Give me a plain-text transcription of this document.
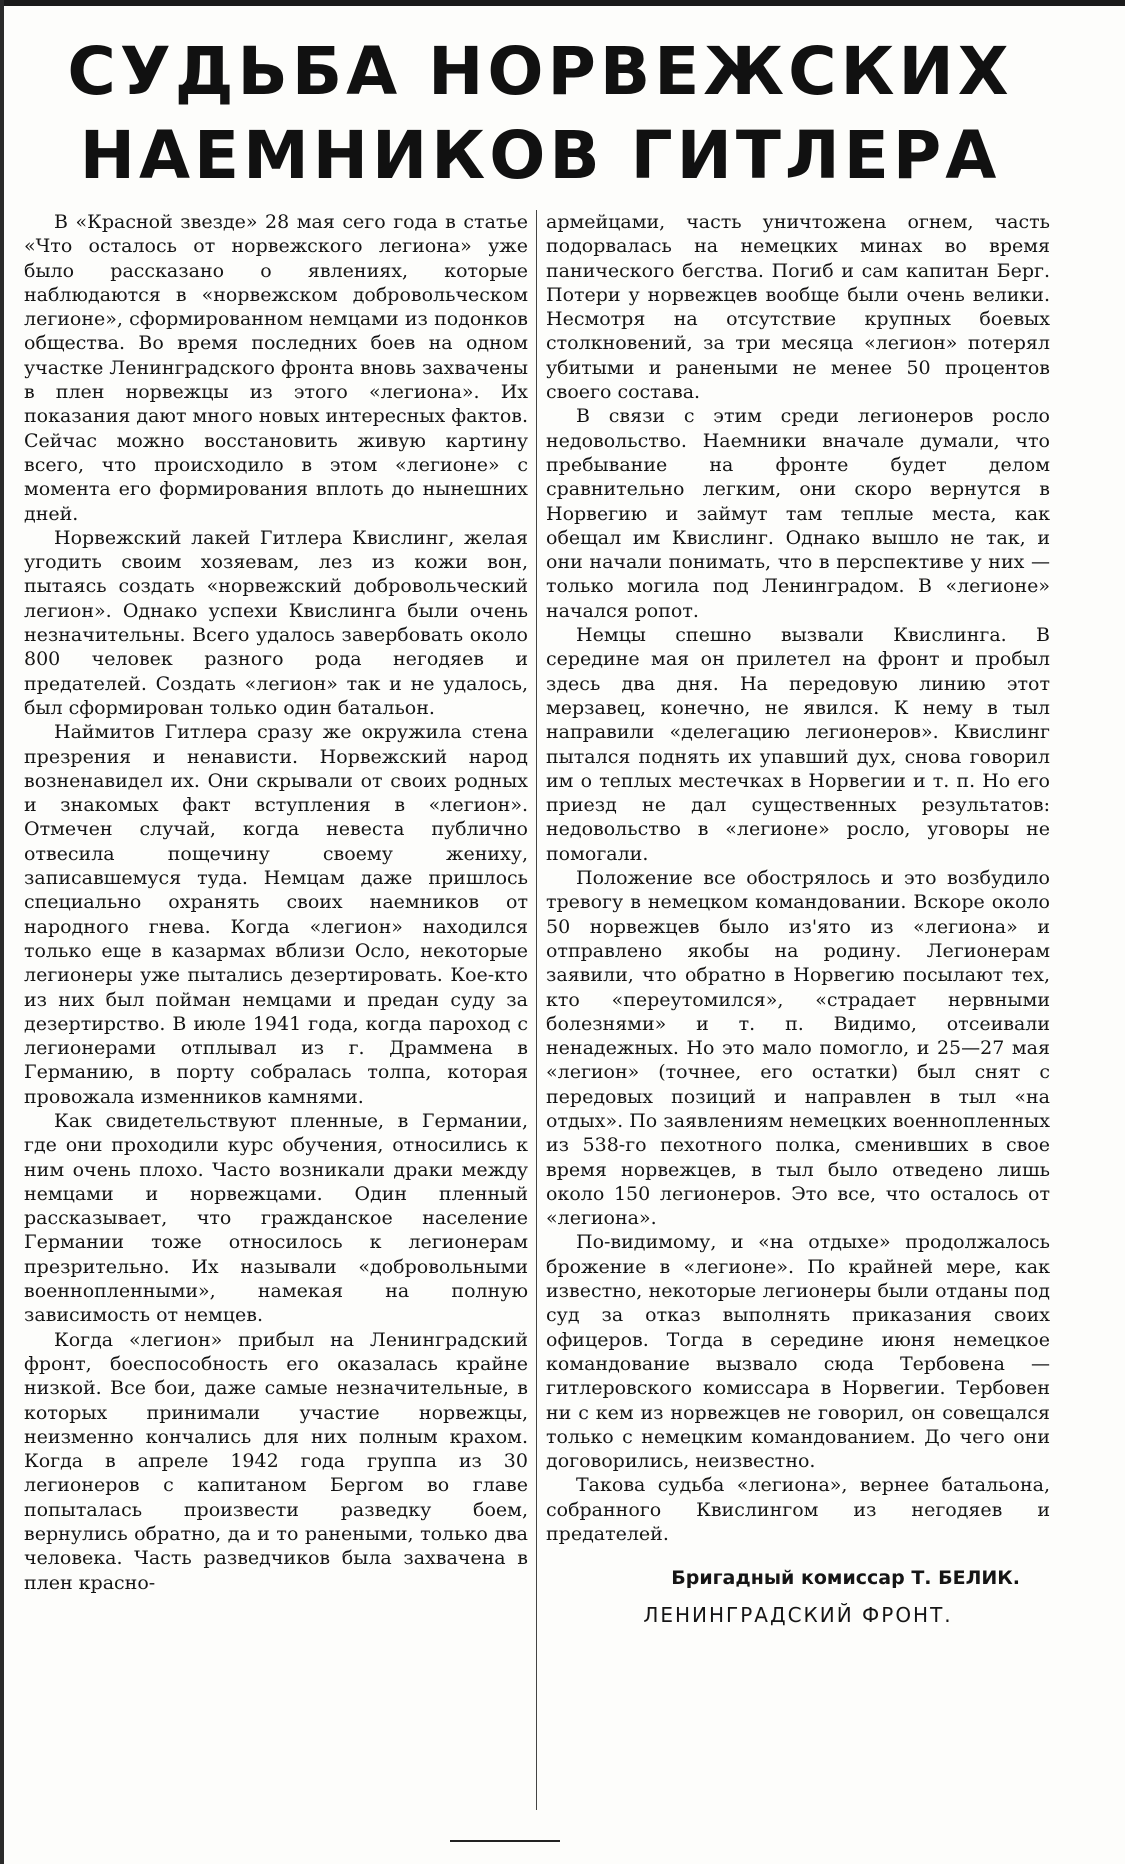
СУДЬБА НОРВЕЖСКИХ НАЕМНИКОВ ГИТЛЕРА

В «Красной звезде» 28 мая сего года в статье «Что осталось от норвежского легиона» уже было рассказано о явлениях, которые наблюдаются в «норвежском добровольческом легионе», сформированном немцами из подонков общества. Во время последних боев на одном участке Ленинградского фронта вновь захвачены в плен норвежцы из этого «легиона». Их показания дают много новых интересных фактов. Сейчас можно восстановить живую картину всего, что происходило в этом «легионе» с момента его формирования вплоть до нынешних дней.

Норвежский лакей Гитлера Квислинг, желая угодить своим хозяевам, лез из кожи вон, пытаясь создать «норвежский добровольческий легион». Однако успехи Квислинга были очень незначительны. Всего удалось завербовать около 800 человек разного рода негодяев и предателей. Создать «легион» так и не удалось, был сформирован только один батальон.

Наймитов Гитлера сразу же окружила стена презрения и ненависти. Норвежский народ возненавидел их. Они скрывали от своих родных и знакомых факт вступления в «легион». Отмечен случай, когда невеста публично отвесила пощечину своему жениху, записавшемуся туда. Немцам даже пришлось специально охранять своих наемников от народного гнева. Когда «легион» находился только еще в казармах вблизи Осло, некоторые легионеры уже пытались дезертировать. Кое-кто из них был пойман немцами и предан суду за дезертирство. В июле 1941 года, когда пароход с легионерами отплывал из г. Драммена в Германию, в порту собралась толпа, которая провожала изменников камнями.

Как свидетельствуют пленные, в Германии, где они проходили курс обучения, относились к ним очень плохо. Часто возникали драки между немцами и норвежцами. Один пленный рассказывает, что гражданское население Германии тоже относилось к легионерам презрительно. Их называли «добровольными военнопленными», намекая на полную зависимость от немцев.

Когда «легион» прибыл на Ленинградский фронт, боеспособность его оказалась крайне низкой. Все бои, даже самые незначительные, в которых принимали участие норвежцы, неизменно кончались для них полным крахом. Когда в апреле 1942 года группа из 30 легионеров с капитаном Бергом во главе попыталась произвести разведку боем, вернулись обратно, да и то ранеными, только два человека. Часть разведчиков была захвачена в плен красно-

армейцами, часть уничтожена огнем, часть подорвалась на немецких минах во время панического бегства. Погиб и сам капитан Берг. Потери у норвежцев вообще были очень велики. Несмотря на отсутствие крупных боевых столкновений, за три месяца «легион» потерял убитыми и ранеными не менее 50 процентов своего состава.

В связи с этим среди легионеров росло недовольство. Наемники вначале думали, что пребывание на фронте будет делом сравнительно легким, они скоро вернутся в Норвегию и займут там теплые места, как обещал им Квислинг. Однако вышло не так, и они начали понимать, что в перспективе у них — только могила под Ленинградом. В «легионе» начался ропот.

Немцы спешно вызвали Квислинга. В середине мая он прилетел на фронт и пробыл здесь два дня. На передовую линию этот мерзавец, конечно, не явился. К нему в тыл направили «делегацию легионеров». Квислинг пытался поднять их упавший дух, снова говорил им о теплых местечках в Норвегии и т. п. Но его приезд не дал существенных результатов: недовольство в «легионе» росло, уговоры не помогали.

Положение все обострялось и это возбудило тревогу в немецком командовании. Вскоре около 50 норвежцев было из'ято из «легиона» и отправлено якобы на родину. Легионерам заявили, что обратно в Норвегию посылают тех, кто «переутомился», «страдает нервными болезнями» и т. п. Видимо, отсеивали ненадежных. Но это мало помогло, и 25—27 мая «легион» (точнее, его остатки) был снят с передовых позиций и направлен в тыл «на отдых». По заявлениям немецких военнопленных из 538-го пехотного полка, сменивших в свое время норвежцев, в тыл было отведено лишь около 150 легионеров. Это все, что осталось от «легиона».

По-видимому, и «на отдыхе» продолжалось брожение в «легионе». По крайней мере, как известно, некоторые легионеры были отданы под суд за отказ выполнять приказания своих офицеров. Тогда в середине июня немецкое командование вызвало сюда Тербовена — гитлеровского комиссара в Норвегии. Тербовен ни с кем из норвежцев не говорил, он совещался только с немецким командованием. До чего они договорились, неизвестно.

Такова судьба «легиона», вернее батальона, собранного Квислингом из негодяев и предателей.

Бригадный комиссар Т. БЕЛИК.
ЛЕНИНГРАДСКИЙ ФРОНТ.
